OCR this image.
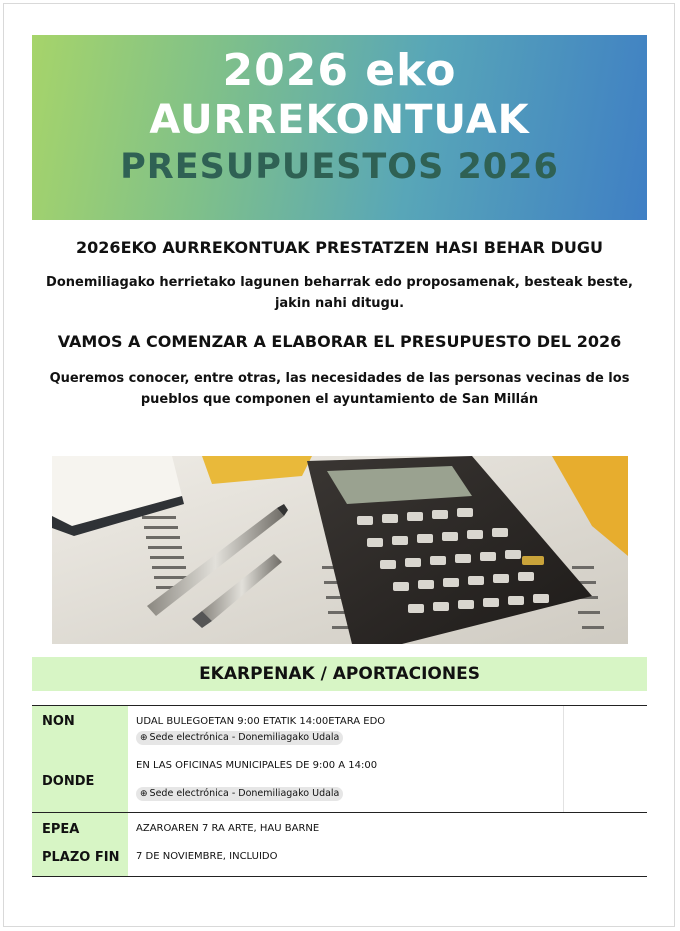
2026 eko
AURREKONTUAK
PRESUPUESTOS 2026
2026EKO AURREKONTUAK PRESTATZEN HASI BEHAR DUGU
Donemiliagako herrietako lagunen beharrak edo proposamenak, besteak beste, jakin nahi ditugu.
VAMOS A COMENZAR A ELABORAR EL PRESUPUESTO DEL 2026
Queremos conocer, entre otras, las necesidades de las personas vecinas de los pueblos que componen el ayuntamiento de San Millán
EKARPENAK / APORTACIONES
NON
DONDE
UDAL BULEGOETAN 9:00 ETATIK 14:00ETARA EDO
⊕ Sede electrónica - Donemiliagako Udala
EN LAS OFICINAS MUNICIPALES DE 9:00 A 14:00
⊕ Sede electrónica - Donemiliagako Udala
EPEA
PLAZO FIN
AZAROAREN 7 RA ARTE, HAU BARNE
7 DE NOVIEMBRE, INCLUIDO
